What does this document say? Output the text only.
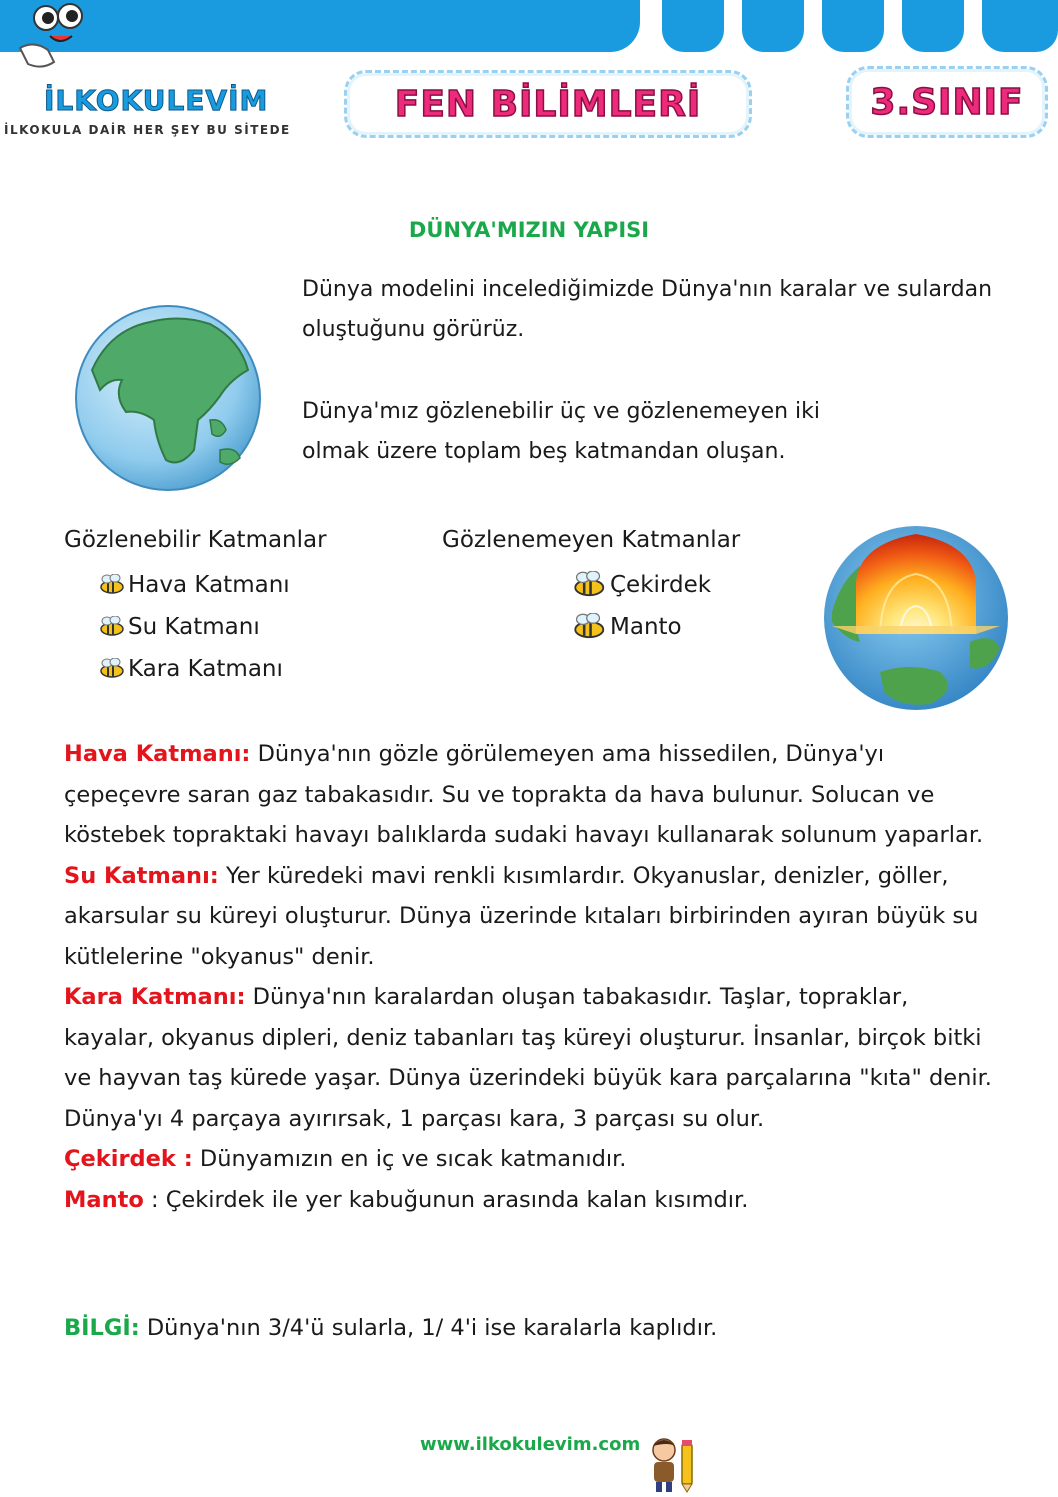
İLKOKULEVİM
İLKOKULA DAİR HER ŞEY BU SİTEDE
FEN BİLİMLERİ	3.SINIF
DÜNYA'MIZIN YAPISI

Dünya modelini incelediğimizde Dünya'nın karalar ve sulardan oluştuğunu görürüz.

Dünya'mız gözlenebilir üç ve gözlenemeyen iki olmak üzere toplam beş katmandan oluşan.

Gözlenebilir Katmanlar
Hava Katmanı
Su Katmanı
Kara Katmanı
Gözlenemeyen Katmanlar
Çekirdek
Manto

Hava Katmanı: Dünya'nın gözle görülemeyen ama hissedilen, Dünya'yı çepeçevre saran gaz tabakasıdır. Su ve toprakta da hava bulunur. Solucan ve köstebek topraktaki havayı balıklarda sudaki havayı kullanarak solunum yaparlar.

Su Katmanı: Yer küredeki mavi renkli kısımlardır. Okyanuslar, denizler, göller, akarsular su küreyi oluşturur. Dünya üzerinde kıtaları birbirinden ayıran büyük su kütlelerine "okyanus" denir.

Kara Katmanı: Dünya'nın karalardan oluşan tabakasıdır. Taşlar, topraklar, kayalar, okyanus dipleri, deniz tabanları taş küreyi oluşturur. İnsanlar, birçok bitki ve hayvan taş kürede yaşar. Dünya üzerindeki büyük kara parçalarına "kıta" denir. Dünya'yı 4 parçaya ayırırsak, 1 parçası kara, 3 parçası su olur.

Çekirdek : Dünyamızın en iç ve sıcak katmanıdır.

Manto : Çekirdek ile yer kabuğunun arasında kalan kısımdır.

BİLGİ: Dünya'nın 3/4'ü sularla, 1/ 4'i ise karalarla kaplıdır.
www.ilkokulevim.com
